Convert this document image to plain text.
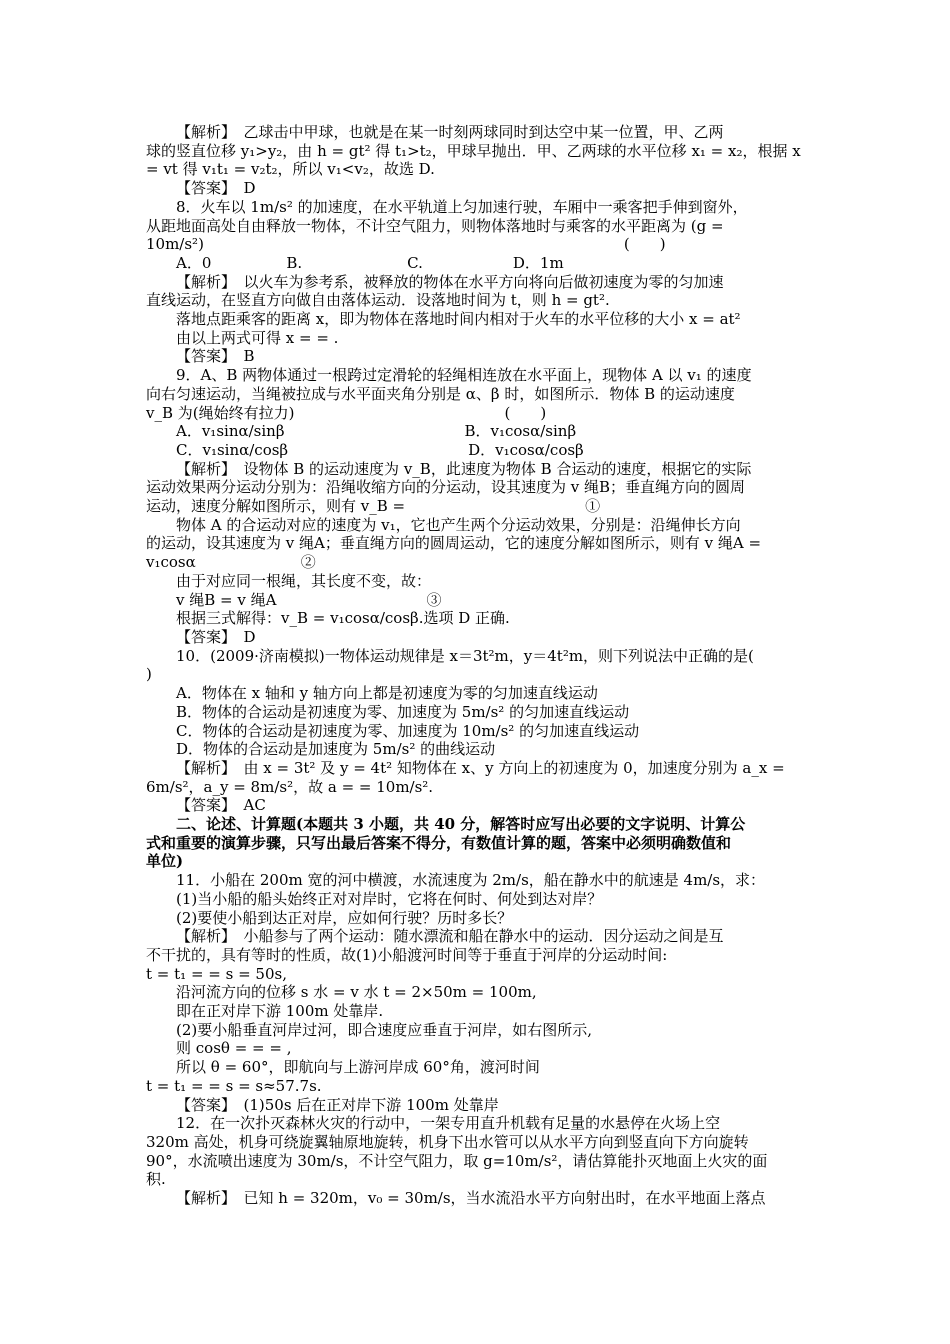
【解析】　乙球击中甲球，也就是在某一时刻两球同时到达空中某一位置，甲、乙两

球的竖直位移 y₁>y₂，由 h = gt² 得 t₁>t₂，甲球早抛出．甲、乙两球的水平位移 x₁ = x₂，根据 x

= vt 得 v₁t₁ = v₂t₂，所以 v₁<v₂，故选 D.

【答案】　D

8．火车以 1m/s² 的加速度，在水平轨道上匀加速行驶，车厢中一乘客把手伸到窗外，

从距地面高处自由释放一物体，不计空气阻力，则物体落地时与乘客的水平距离为 (g =

10m/s²)　　　　　　　　　　　　　　　　　　　　　　　　　　　　(　　)

A．0　　　　　B.　　　　　　　C.　　　　　　D．1m

【解析】　以火车为参考系，被释放的物体在水平方向将向后做初速度为零的匀加速

直线运动，在竖直方向做自由落体运动．设落地时间为 t，则 h = gt².

落地点距乘客的距离 x，即为物体在落地时间内相对于火车的水平位移的大小 x = at²

由以上两式可得 x = = .

【答案】　B

9．A、B 两物体通过一根跨过定滑轮的轻绳相连放在水平面上，现物体 A 以 v₁ 的速度

向右匀速运动，当绳被拉成与水平面夹角分别是 α、β 时，如图所示．物体 B 的运动速度

v_B 为(绳始终有拉力)　　　　　　　　　　　　　　(　　)

A．v₁sinα/sinβ　　　　　　　　　　　　B．v₁cosα/sinβ

C．v₁sinα/cosβ　　　　　　　　　　　　D．v₁cosα/cosβ

【解析】　设物体 B 的运动速度为 v_B，此速度为物体 B 合运动的速度，根据它的实际

运动效果两分运动分别为：沿绳收缩方向的分运动，设其速度为 v 绳B；垂直绳方向的圆周

运动，速度分解如图所示，则有 v_B =　　　　　　　　　　　　①

物体 A 的合运动对应的速度为 v₁，它也产生两个分运动效果，分别是：沿绳伸长方向

的运动，设其速度为 v 绳A；垂直绳方向的圆周运动，它的速度分解如图所示，则有 v 绳A =

v₁cosα　　　　　　　②

由于对应同一根绳，其长度不变，故：

v 绳B = v 绳A　　　　　　　　　　③

根据三式解得：v_B = v₁cosα/cosβ.选项 D 正确.

【答案】　D

10．(2009·济南模拟)一物体运动规律是 x＝3t²m，y＝4t²m，则下列说法中正确的是(

)

A．物体在 x 轴和 y 轴方向上都是初速度为零的匀加速直线运动

B．物体的合运动是初速度为零、加速度为 5m/s² 的匀加速直线运动

C．物体的合运动是初速度为零、加速度为 10m/s² 的匀加速直线运动

D．物体的合运动是加速度为 5m/s² 的曲线运动

【解析】　由 x = 3t² 及 y = 4t² 知物体在 x、y 方向上的初速度为 0，加速度分别为 a_x =

6m/s²，a_y = 8m/s²，故 a = = 10m/s².

【答案】　AC

二、论述、计算题(本题共 3 小题，共 40 分，解答时应写出必要的文字说明、计算公

式和重要的演算步骤，只写出最后答案不得分，有数值计算的题，答案中必须明确数值和

单位)

11．小船在 200m 宽的河中横渡，水流速度为 2m/s，船在静水中的航速是 4m/s，求：

(1)当小船的船头始终正对对岸时，它将在何时、何处到达对岸？

(2)要使小船到达正对岸，应如何行驶？历时多长？

【解析】　小船参与了两个运动：随水漂流和船在静水中的运动．因分运动之间是互

不干扰的，具有等时的性质，故(1)小船渡河时间等于垂直于河岸的分运动时间:

t = t₁ = = s = 50s,

沿河流方向的位移 s 水 = v 水 t = 2×50m = 100m,

即在正对岸下游 100m 处靠岸.

(2)要小船垂直河岸过河，即合速度应垂直于河岸，如右图所示,

则 cosθ = = = ,

所以 θ = 60°，即航向与上游河岸成 60°角，渡河时间

t = t₁ = = s = s≈57.7s.

【答案】　(1)50s 后在正对岸下游 100m 处靠岸

12．在一次扑灭森林火灾的行动中，一架专用直升机载有足量的水悬停在火场上空

320m 高处，机身可绕旋翼轴原地旋转，机身下出水管可以从水平方向到竖直向下方向旋转

90°，水流喷出速度为 30m/s，不计空气阻力，取 g=10m/s²，请估算能扑灭地面上火灾的面

积.

【解析】　已知 h = 320m，v₀ = 30m/s，当水流沿水平方向射出时，在水平地面上落点
